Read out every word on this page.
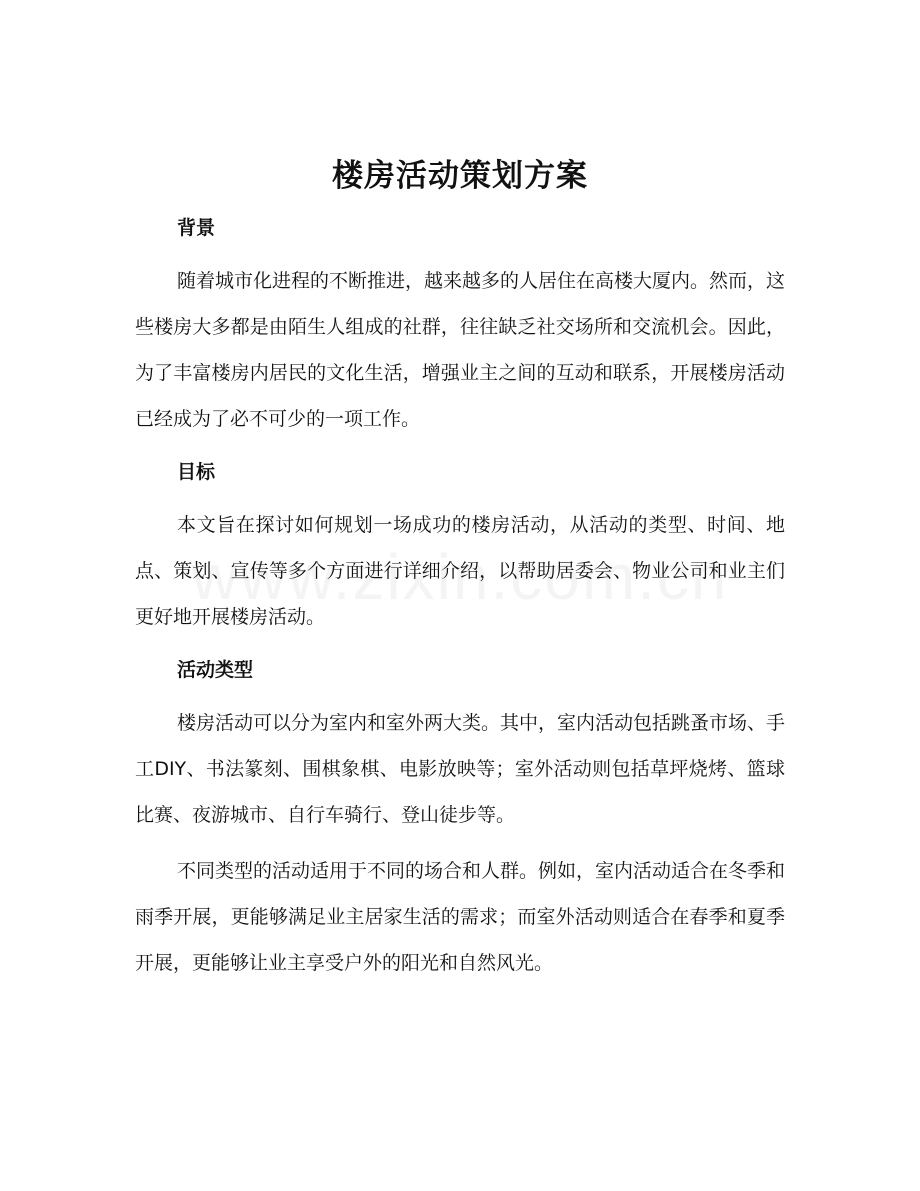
楼房活动策划方案
背景

随着城市化进程的不断推进，越来越多的人居住在高楼大厦内。然而，这些楼房大多都是由陌生人组成的社群，往往缺乏社交场所和交流机会。因此，为了丰富楼房内居民的文化生活，增强业主之间的互动和联系，开展楼房活动已经成为了必不可少的一项工作。

目标

本文旨在探讨如何规划一场成功的楼房活动，从活动的类型、时间、地点、策划、宣传等多个方面进行详细介绍，以帮助居委会、物业公司和业主们更好地开展楼房活动。

活动类型

楼房活动可以分为室内和室外两大类。其中，室内活动包括跳蚤市场、手工DIY、书法篆刻、围棋象棋、电影放映等；室外活动则包括草坪烧烤、篮球比赛、夜游城市、自行车骑行、登山徒步等。

不同类型的活动适用于不同的场合和人群。例如，室内活动适合在冬季和雨季开展，更能够满足业主居家生活的需求；而室外活动则适合在春季和夏季开展，更能够让业主享受户外的阳光和自然风光。
